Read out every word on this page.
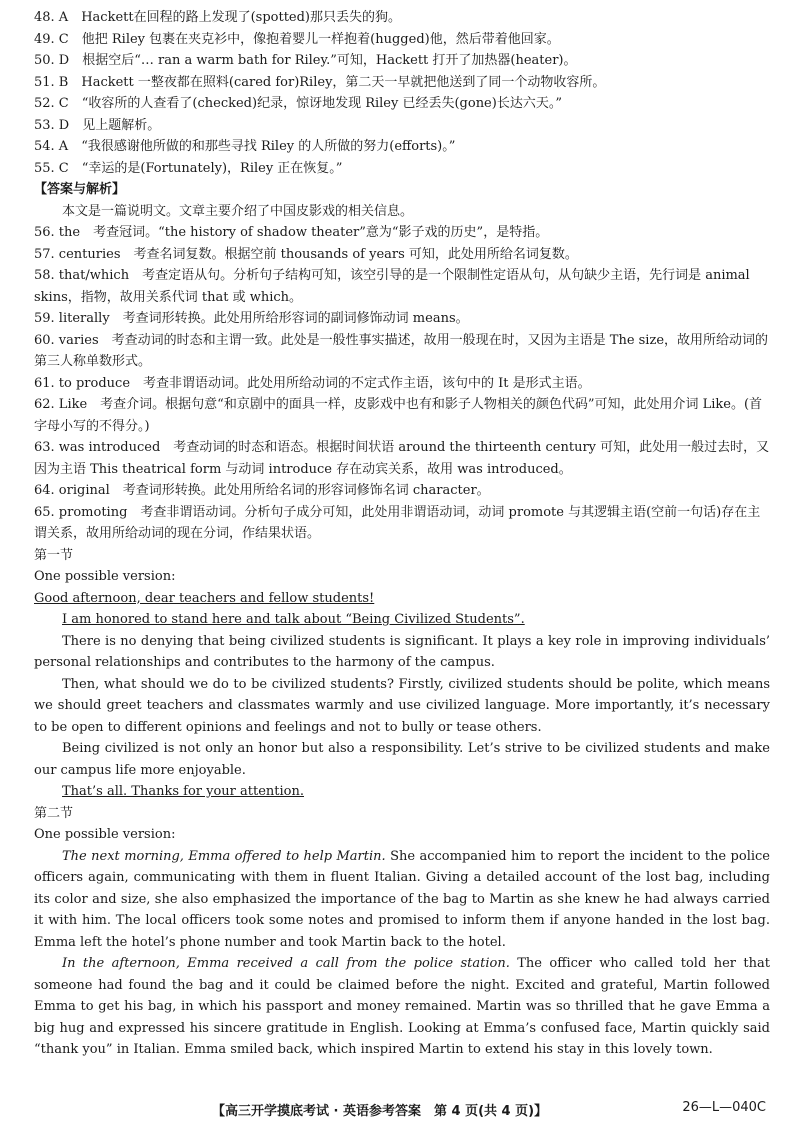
48. A　Hackett在回程的路上发现了(spotted)那只丢失的狗。
49. C　他把 Riley 包裹在夹克衫中，像抱着婴儿一样抱着(hugged)他，然后带着他回家。
50. D　根据空后“… ran a warm bath for Riley.”可知，Hackett 打开了加热器(heater)。
51. B　Hackett 一整夜都在照料(cared for)Riley，第二天一早就把他送到了同一个动物收容所。
52. C　“收容所的人查看了(checked)纪录，惊讶地发现 Riley 已经丢失(gone)长达六天。”
53. D　见上题解析。
54. A　“我很感谢他所做的和那些寻找 Riley 的人所做的努力(efforts)。”
55. C　“幸运的是(Fortunately)，Riley 正在恢复。”
【答案与解析】
本文是一篇说明文。文章主要介绍了中国皮影戏的相关信息。
56. the　考查冠词。“the history of shadow theater”意为“影子戏的历史”，是特指。
57. centuries　考查名词复数。根据空前 thousands of years 可知，此处用所给名词复数。
58. that/which　考查定语从句。分析句子结构可知，该空引导的是一个限制性定语从句，从句缺少主语，先行词是 animal skins，指物，故用关系代词 that 或 which。
59. literally　考查词形转换。此处用所给形容词的副词修饰动词 means。
60. varies　考查动词的时态和主谓一致。此处是一般性事实描述，故用一般现在时，又因为主语是 The size，故用所给动词的第三人称单数形式。
61. to produce　考查非谓语动词。此处用所给动词的不定式作主语，该句中的 It 是形式主语。
62. Like　考查介词。根据句意“和京剧中的面具一样，皮影戏中也有和影子人物相关的颜色代码”可知，此处用介词 Like。(首字母小写的不得分。)
63. was introduced　考查动词的时态和语态。根据时间状语 around the thirteenth century 可知，此处用一般过去时，又因为主语 This theatrical form 与动词 introduce 存在动宾关系，故用 was introduced。
64. original　考查词形转换。此处用所给名词的形容词修饰名词 character。
65. promoting　考查非谓语动词。分析句子成分可知，此处用非谓语动词，动词 promote 与其逻辑主语(空前一句话)存在主谓关系，故用所给动词的现在分词，作结果状语。
第一节
One possible version:
Good afternoon, dear teachers and fellow students!
I am honored to stand here and talk about “Being Civilized Students”.
There is no denying that being civilized students is significant. It plays a key role in improving individuals’ personal relationships and contributes to the harmony of the campus.
Then, what should we do to be civilized students? Firstly, civilized students should be polite, which means we should greet teachers and classmates warmly and use civilized language. More importantly, it’s necessary to be open to different opinions and feelings and not to bully or tease others.
Being civilized is not only an honor but also a responsibility. Let’s strive to be civilized students and make our campus life more enjoyable.
That’s all. Thanks for your attention.
第二节
One possible version:
The next morning, Emma offered to help Martin. She accompanied him to report the incident to the police officers again, communicating with them in fluent Italian. Giving a detailed account of the lost bag, including its color and size, she also emphasized the importance of the bag to Martin as she knew he had always carried it with him. The local officers took some notes and promised to inform them if anyone handed in the lost bag. Emma left the hotel’s phone number and took Martin back to the hotel.
In the afternoon, Emma received a call from the police station. The officer who called told her that someone had found the bag and it could be claimed before the night. Excited and grateful, Martin followed Emma to get his bag, in which his passport and money remained. Martin was so thrilled that he gave Emma a big hug and expressed his sincere gratitude in English. Looking at Emma’s confused face, Martin quickly said “thank you” in Italian. Emma smiled back, which inspired Martin to extend his stay in this lovely town.
【高三开学摸底考试 · 英语参考答案　第 4 页(共 4 页)】	26—L—040C
